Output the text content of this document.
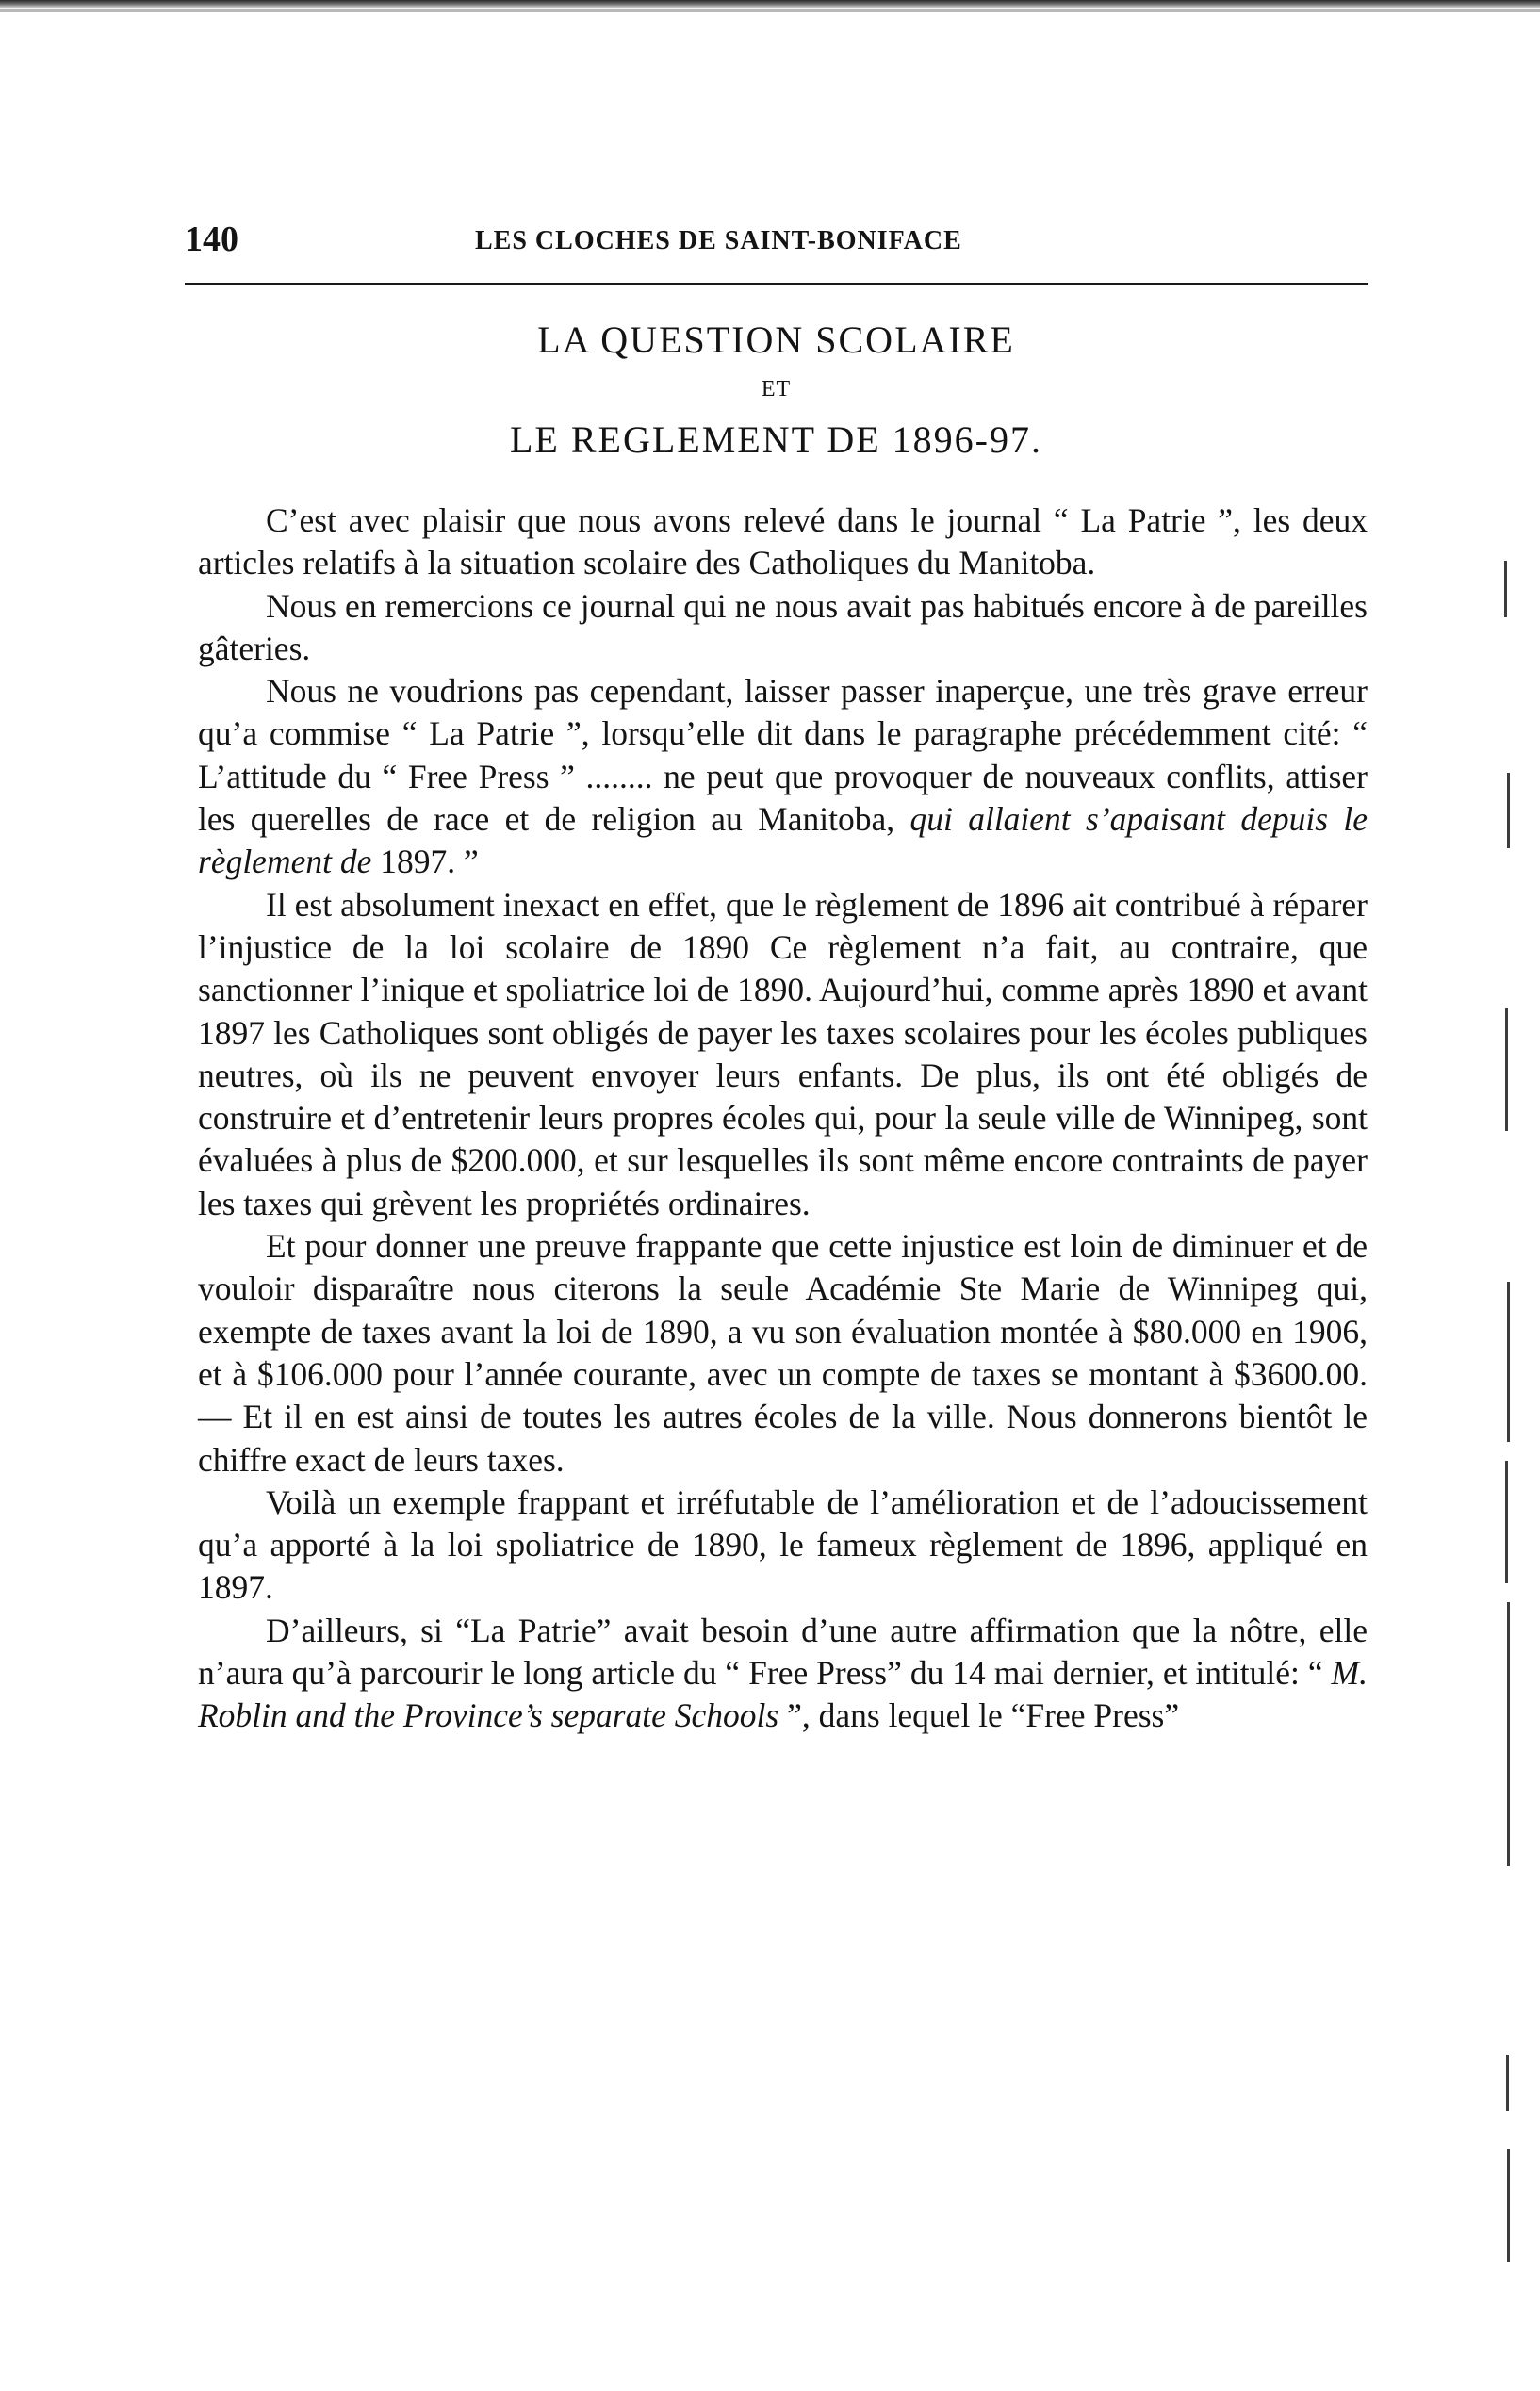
140	LES CLOCHES DE SAINT-BONIFACE

LA QUESTION SCOLAIRE

ET

LE REGLEMENT DE 1896-97.

C’est avec plaisir que nous avons relevé dans le journal “ La Patrie ”, les deux articles relatifs à la situation scolaire des Catholiques du Manitoba.

Nous en remercions ce journal qui ne nous avait pas habitués encore à de pareilles gâteries.

Nous ne voudrions pas cependant, laisser passer inaperçue, une très grave erreur qu’a commise “ La Patrie ”, lorsqu’elle dit dans le paragraphe précédemment cité: “ L’attitude du “ Free Press ” ........ ne peut que provoquer de nouveaux conflits, attiser les querelles de race et de religion au Manitoba, qui allaient s’apaisant depuis le règlement de 1897. ”

Il est absolument inexact en effet, que le règlement de 1896 ait contribué à réparer l’injustice de la loi scolaire de 1890 Ce règlement n’a fait, au contraire, que sanctionner l’inique et spoliatrice loi de 1890. Aujourd’hui, comme après 1890 et avant 1897 les Catholiques sont obligés de payer les taxes scolaires pour les écoles publiques neutres, où ils ne peuvent envoyer leurs enfants. De plus, ils ont été obligés de construire et d’entretenir leurs propres écoles qui, pour la seule ville de Winnipeg, sont évaluées à plus de $200.000, et sur lesquelles ils sont même encore contraints de payer les taxes qui grèvent les propriétés ordinaires.

Et pour donner une preuve frappante que cette injustice est loin de diminuer et de vouloir disparaître nous citerons la seule Académie Ste Marie de Winnipeg qui, exempte de taxes avant la loi de 1890, a vu son évaluation montée à $80.000 en 1906, et à $106.000 pour l’année courante, avec un compte de taxes se montant à $3600.00. — Et il en est ainsi de toutes les autres écoles de la ville. Nous donnerons bientôt le chiffre exact de leurs taxes.

Voilà un exemple frappant et irréfutable de l’amélioration et de l’adoucissement qu’a apporté à la loi spoliatrice de 1890, le fameux règlement de 1896, appliqué en 1897.

D’ailleurs, si “La Patrie” avait besoin d’une autre affirmation que la nôtre, elle n’aura qu’à parcourir le long article du “ Free Press” du 14 mai dernier, et intitulé: “ M. Roblin and the Province’s separate Schools ”, dans lequel le “Free Press”
